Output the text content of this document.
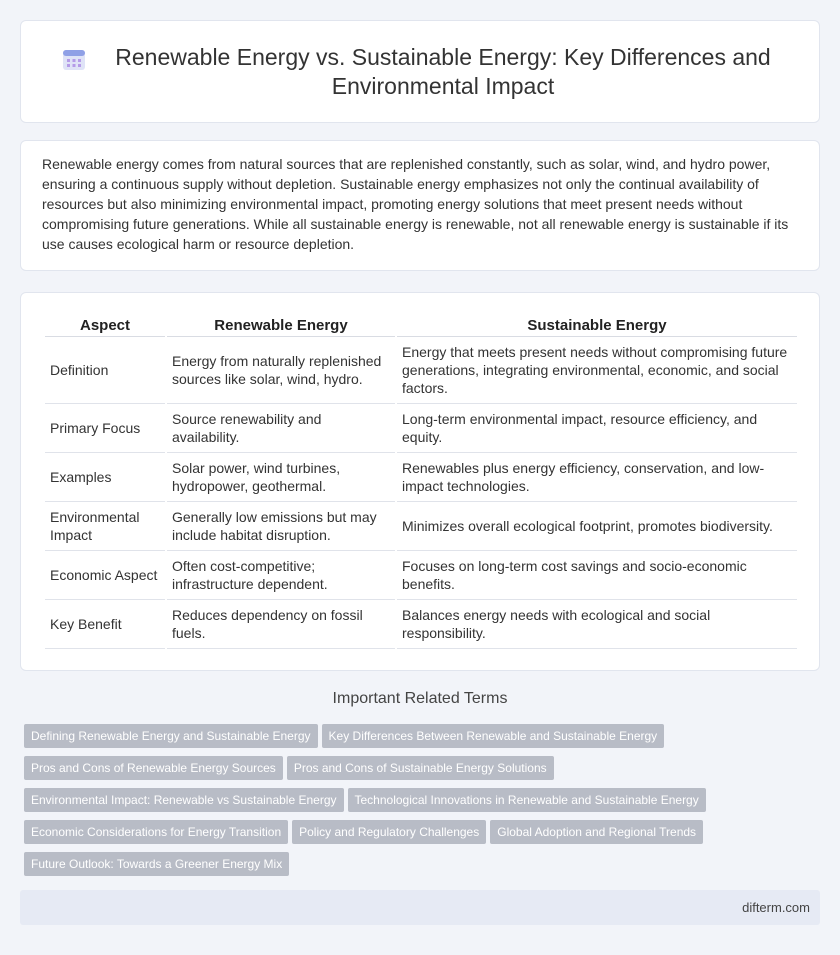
Renewable Energy vs. Sustainable Energy: Key Differences and Environmental Impact

Renewable energy comes from natural sources that are replenished constantly, such as solar, wind, and hydro power, ensuring a continuous supply without depletion. Sustainable energy emphasizes not only the continual availability of resources but also minimizing environmental impact, promoting energy solutions that meet present needs without compromising future generations. While all sustainable energy is renewable, not all renewable energy is sustainable if its use causes ecological harm or resource depletion.

Aspect	Renewable Energy	Sustainable Energy
Definition	Energy from naturally replenished sources like solar, wind, hydro.	Energy that meets present needs without compromising future generations, integrating environmental, economic, and social factors.
Primary Focus	Source renewability and availability.	Long-term environmental impact, resource efficiency, and equity.
Examples	Solar power, wind turbines, hydropower, geothermal.	Renewables plus energy efficiency, conservation, and low-impact technologies.
Environmental Impact	Generally low emissions but may include habitat disruption.	Minimizes overall ecological footprint, promotes biodiversity.
Economic Aspect	Often cost-competitive; infrastructure dependent.	Focuses on long-term cost savings and socio-economic benefits.
Key Benefit	Reduces dependency on fossil fuels.	Balances energy needs with ecological and social responsibility.
Important Related Terms
Defining Renewable Energy and Sustainable Energy Key Differences Between Renewable and Sustainable Energy
Pros and Cons of Renewable Energy Sources Pros and Cons of Sustainable Energy Solutions
Environmental Impact: Renewable vs Sustainable Energy Technological Innovations in Renewable and Sustainable Energy
Economic Considerations for Energy Transition Policy and Regulatory Challenges Global Adoption and Regional Trends
Future Outlook: Towards a Greener Energy Mix
difterm.com
